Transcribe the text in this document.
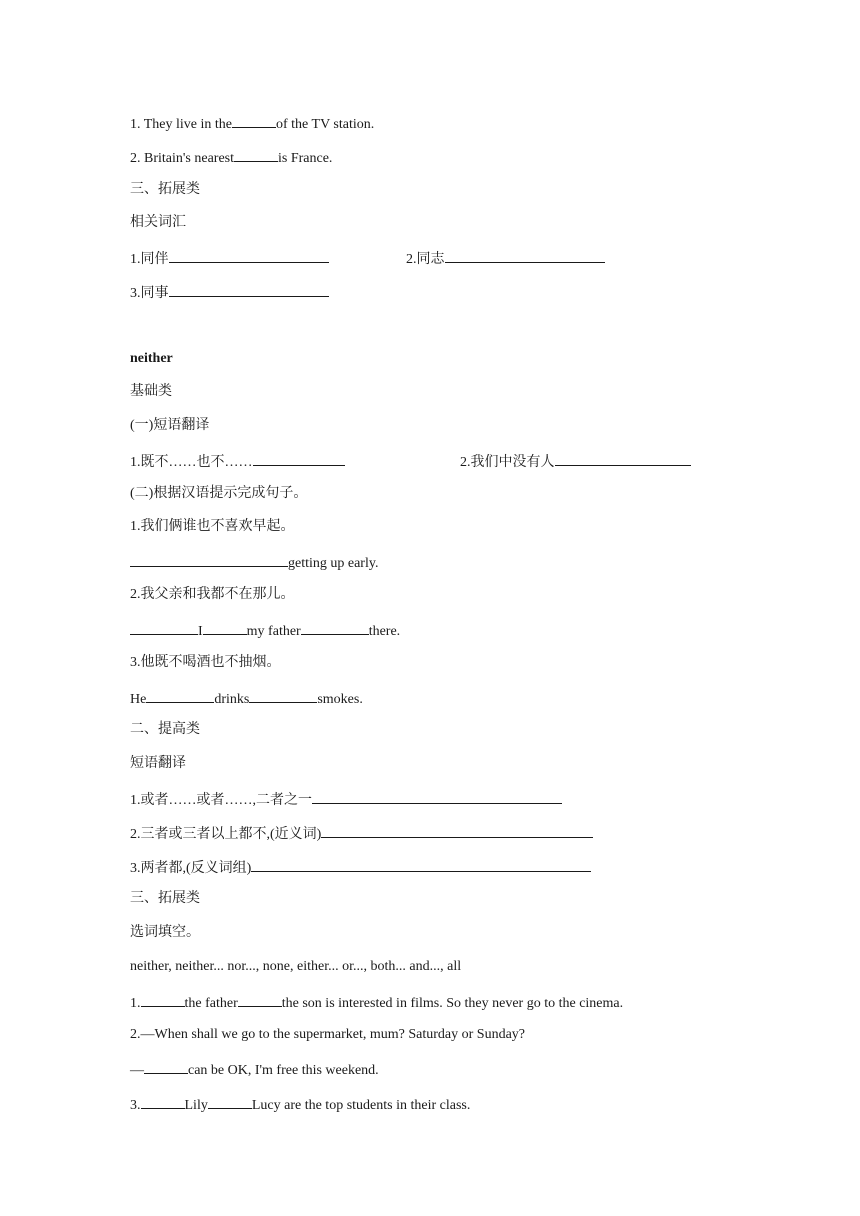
1. They live in the	of the TV station.
2. Britain's nearest	is France.
三、拓展类
相关词汇
1.同伴	2.同志
3.同事
neither
基础类
(一)短语翻译
1.既不……也不……	2.我们中没有人
(二)根据汉语提示完成句子。
1.我们俩谁也不喜欢早起。
getting up early.
2.我父亲和我都不在那儿。
I	my father	there.
3.他既不喝酒也不抽烟。
He	drinks	smokes.
二、提高类
短语翻译
1.或者……或者……,二者之一
2.三者或三者以上都不,(近义词)
3.两者都,(反义词组)
三、拓展类
选词填空。
neither, neither... nor..., none, either... or..., both... and..., all
1.	the father	the son is interested in films. So they never go to the cinema.
2.—When shall we go to the supermarket, mum? Saturday or Sunday?
—	can be OK, I'm free this weekend.
3.	Lily	Lucy are the top students in their class.
